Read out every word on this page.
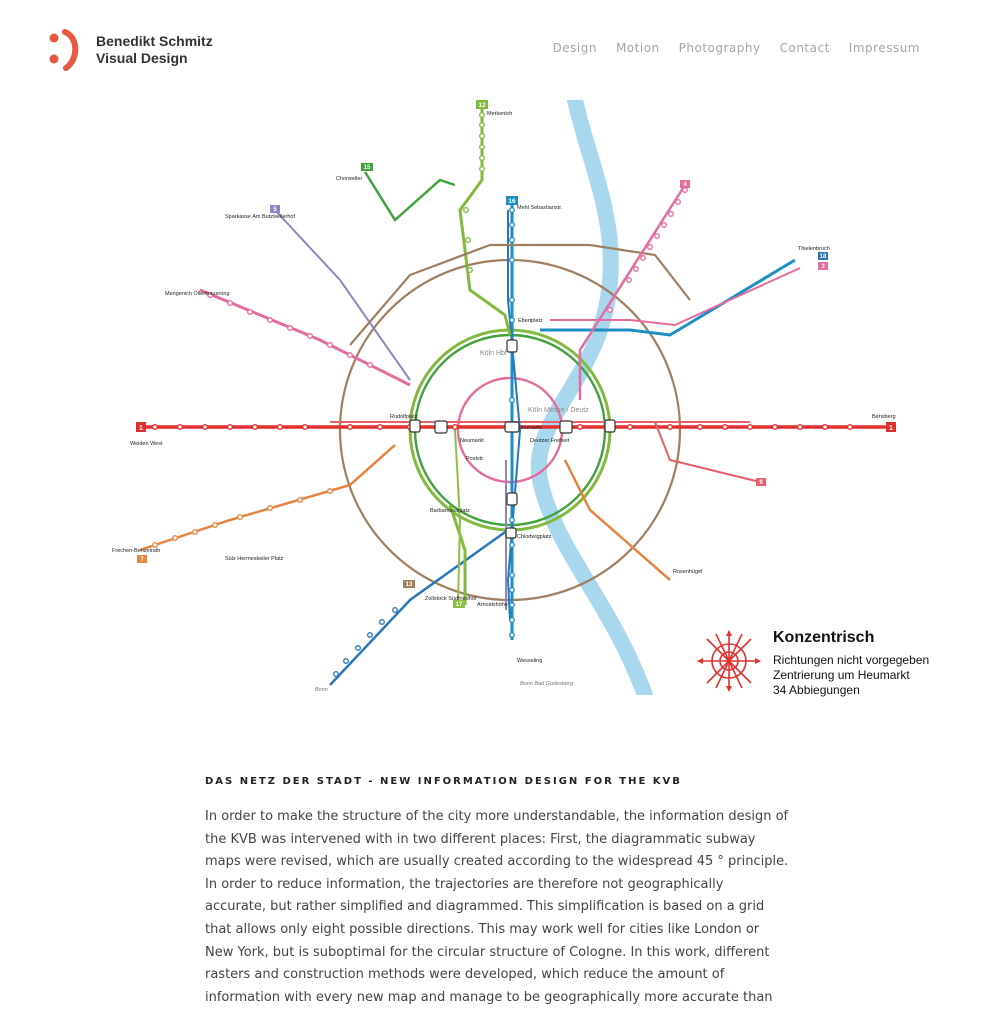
Benedikt Schmitz
Visual Design
Design Motion Photography Contact Impressum
1	1
12
16
4
18
3
5
7
9
13
17
15
Heumarkt
Köln Hbf
Köln Messe / Deutz
Neumarkt
Rudolfplatz
Deutzer Freiheit
Ebertplatz
Barbarossaplatz
Poststr.
Chlodwigplatz
Mehl Sebastianstr.
Thielenbruch
Bensberg
Weiden West
Bonn
Bonn Bad Godesberg
Wesseling
Merkenich
Chorweiler
Zollstock Südfriedhof
Arnoldshöhe
Rosenhügel
Frechen-Benzelrath
Sülz Hermeskeiler Platz
Mengenich Ollenhauerring
Sparkasse Am Butzweilerhof
Konzentrisch
Richtungen nicht vorgegeben
Zentrierung um Heumarkt
34 Abbiegungen
DAS NETZ DER STADT - NEW INFORMATION DESIGN FOR THE KVB
In order to make the structure of the city more understandable, the information design of
the KVB was intervened with in two different places: First, the diagrammatic subway
maps were revised, which are usually created according to the widespread 45 ° principle.
In order to reduce information, the trajectories are therefore not geographically
accurate, but rather simplified and diagrammed. This simplification is based on a grid
that allows only eight possible directions. This may work well for cities like London or
New York, but is suboptimal for the circular structure of Cologne. In this work, different
rasters and construction methods were developed, which reduce the amount of
information with every new map and manage to be geographically more accurate than
